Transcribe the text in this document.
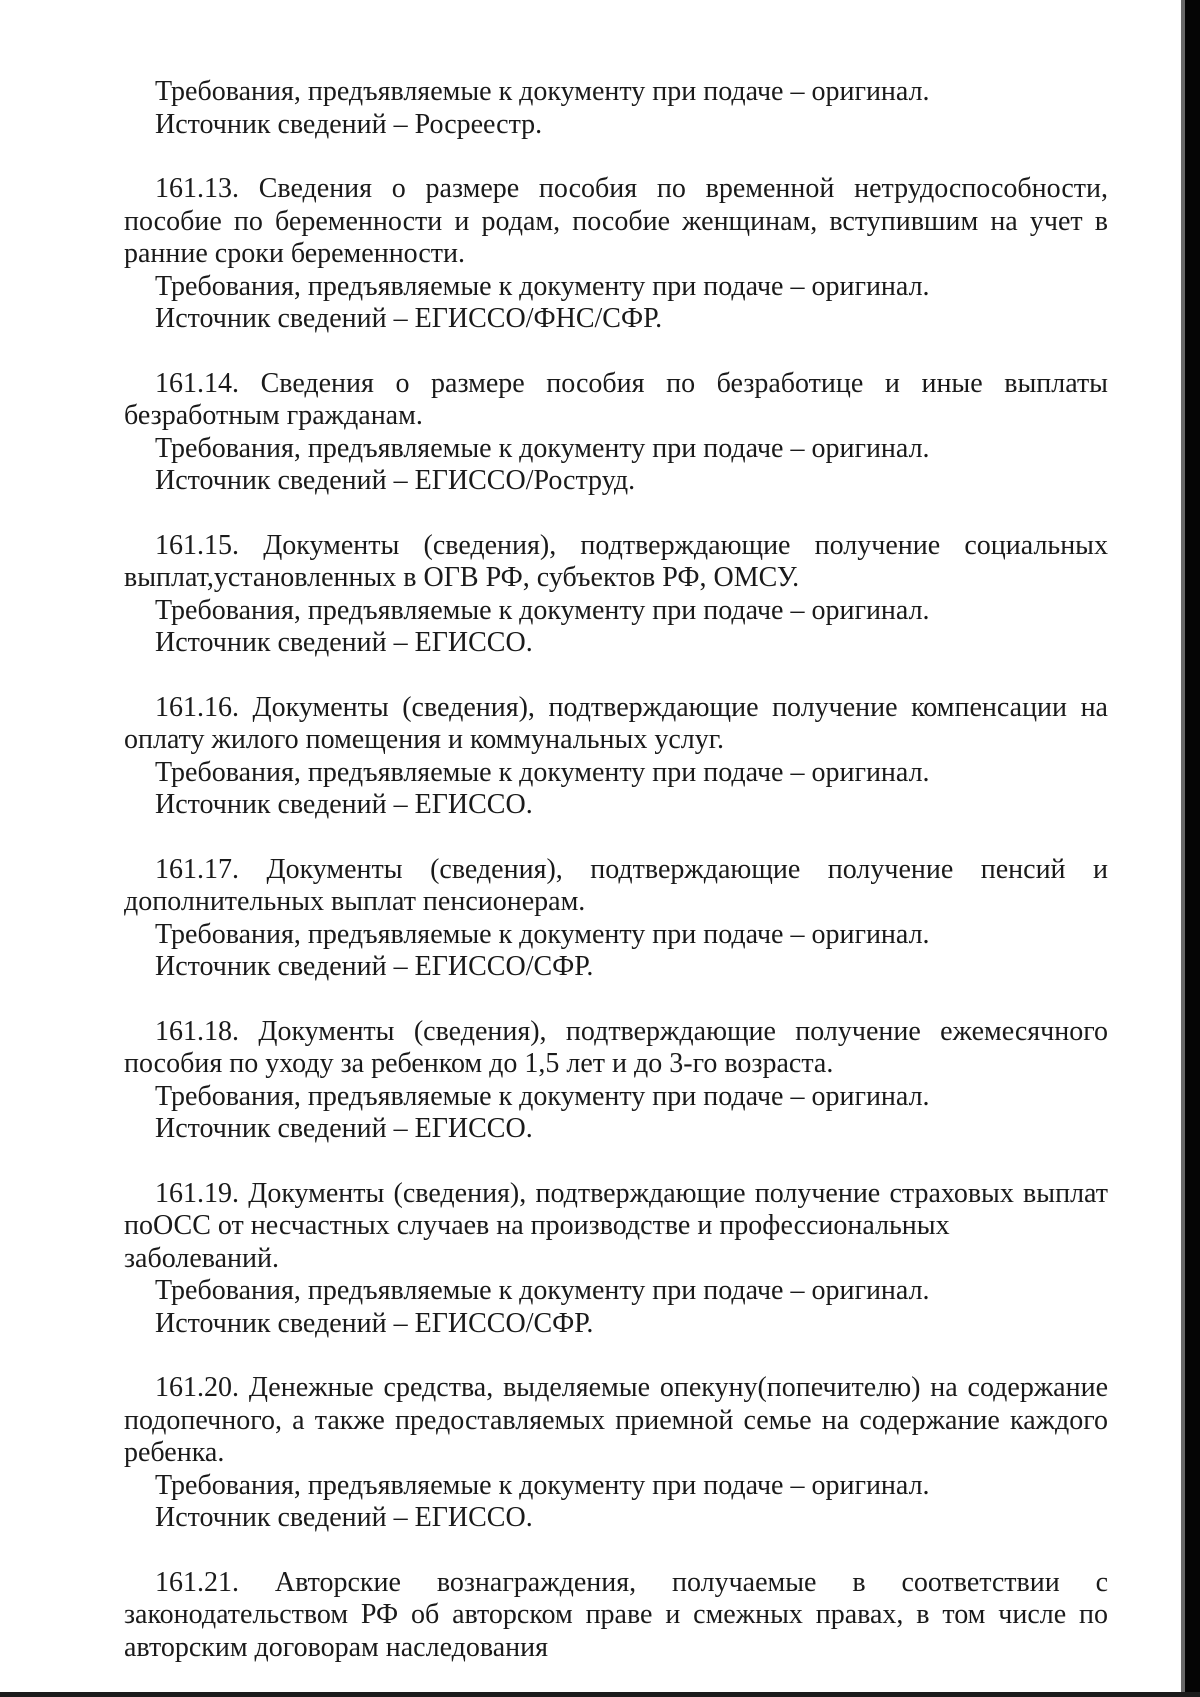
Требования, предъявляемые к документу при подаче – оригинал.

Источник сведений – Росреестр.

161.13. Сведения о размере пособия по временной нетрудоспособности,

пособие по беременности и родам, пособие женщинам, вступившим на учет в

ранние сроки беременности.

Требования, предъявляемые к документу при подаче – оригинал.

Источник сведений – ЕГИССО/ФНС/СФР.

161.14. Сведения о размере пособия по безработице и иные выплаты

безработным гражданам.

Требования, предъявляемые к документу при подаче – оригинал.

Источник сведений – ЕГИССО/Роструд.

161.15. Документы (сведения), подтверждающие получение социальных

выплат,установленных в ОГВ РФ, субъектов РФ, ОМСУ.

Требования, предъявляемые к документу при подаче – оригинал.

Источник сведений – ЕГИССО.

161.16. Документы (сведения), подтверждающие получение компенсации на

оплату жилого помещения и коммунальных услуг.

Требования, предъявляемые к документу при подаче – оригинал.

Источник сведений – ЕГИССО.

161.17. Документы (сведения), подтверждающие получение пенсий и

дополнительных выплат пенсионерам.

Требования, предъявляемые к документу при подаче – оригинал.

Источник сведений – ЕГИССО/СФР.

161.18. Документы (сведения), подтверждающие получение ежемесячного

пособия по уходу за ребенком до 1,5 лет и до 3-го возраста.

Требования, предъявляемые к документу при подаче – оригинал.

Источник сведений – ЕГИССО.

161.19. Документы (сведения), подтверждающие получение страховых выплат

поОСС от несчастных случаев на производстве и профессиональных заболеваний.

Требования, предъявляемые к документу при подаче – оригинал.

Источник сведений – ЕГИССО/СФР.

161.20. Денежные средства, выделяемые опекуну(попечителю) на содержание

подопечного, а также предоставляемых приемной семье на содержание каждого

ребенка.

Требования, предъявляемые к документу при подаче – оригинал.

Источник сведений – ЕГИССО.

161.21. Авторские вознаграждения, получаемые в соответствии с

законодательством РФ об авторском праве и смежных правах, в том числе по

авторским договорам наследования
